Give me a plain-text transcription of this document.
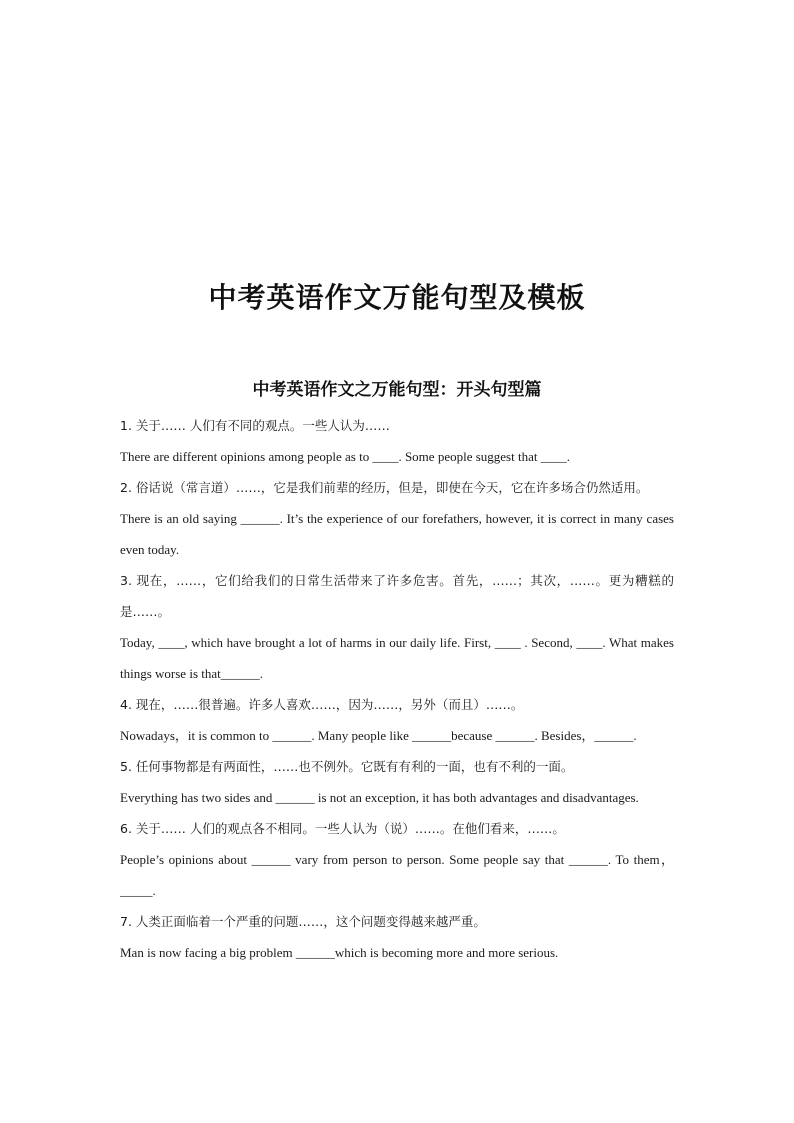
中考英语作文万能句型及模板
中考英语作文之万能句型：开头句型篇
1. 关于…… 人们有不同的观点。一些人认为……
There are different opinions among people as to ____. Some people suggest that ____.
2. 俗话说（常言道）……，它是我们前辈的经历，但是，即使在今天，它在许多场合仍然适用。
There is an old saying ______. It’s the experience of our forefathers, however, it is correct in many cases even today.
3. 现在，……，它们给我们的日常生活带来了许多危害。首先，……；其次，……。更为糟糕的是……。
Today, ____, which have brought a lot of harms in our daily life. First, ____ . Second, ____. What makes things worse is that______.
4. 现在，……很普遍。许多人喜欢……，因为……，另外（而且）……。
Nowadays，it is common to ______. Many people like ______because ______. Besides，______.
5. 任何事物都是有两面性，……也不例外。它既有有利的一面，也有不利的一面。
Everything has two sides and ______ is not an exception, it has both advantages and disadvantages.
6. 关于…… 人们的观点各不相同。一些人认为（说）……。在他们看来，……。
People’s opinions about ______ vary from person to person. Some people say that ______. To them，_____.
7. 人类正面临着一个严重的问题……，这个问题变得越来越严重。
Man is now facing a big problem ______which is becoming more and more serious.
